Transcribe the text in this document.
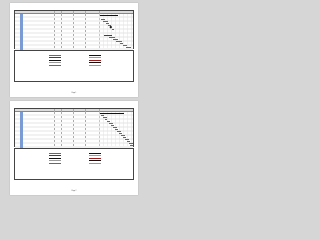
Page 1
Page 2
